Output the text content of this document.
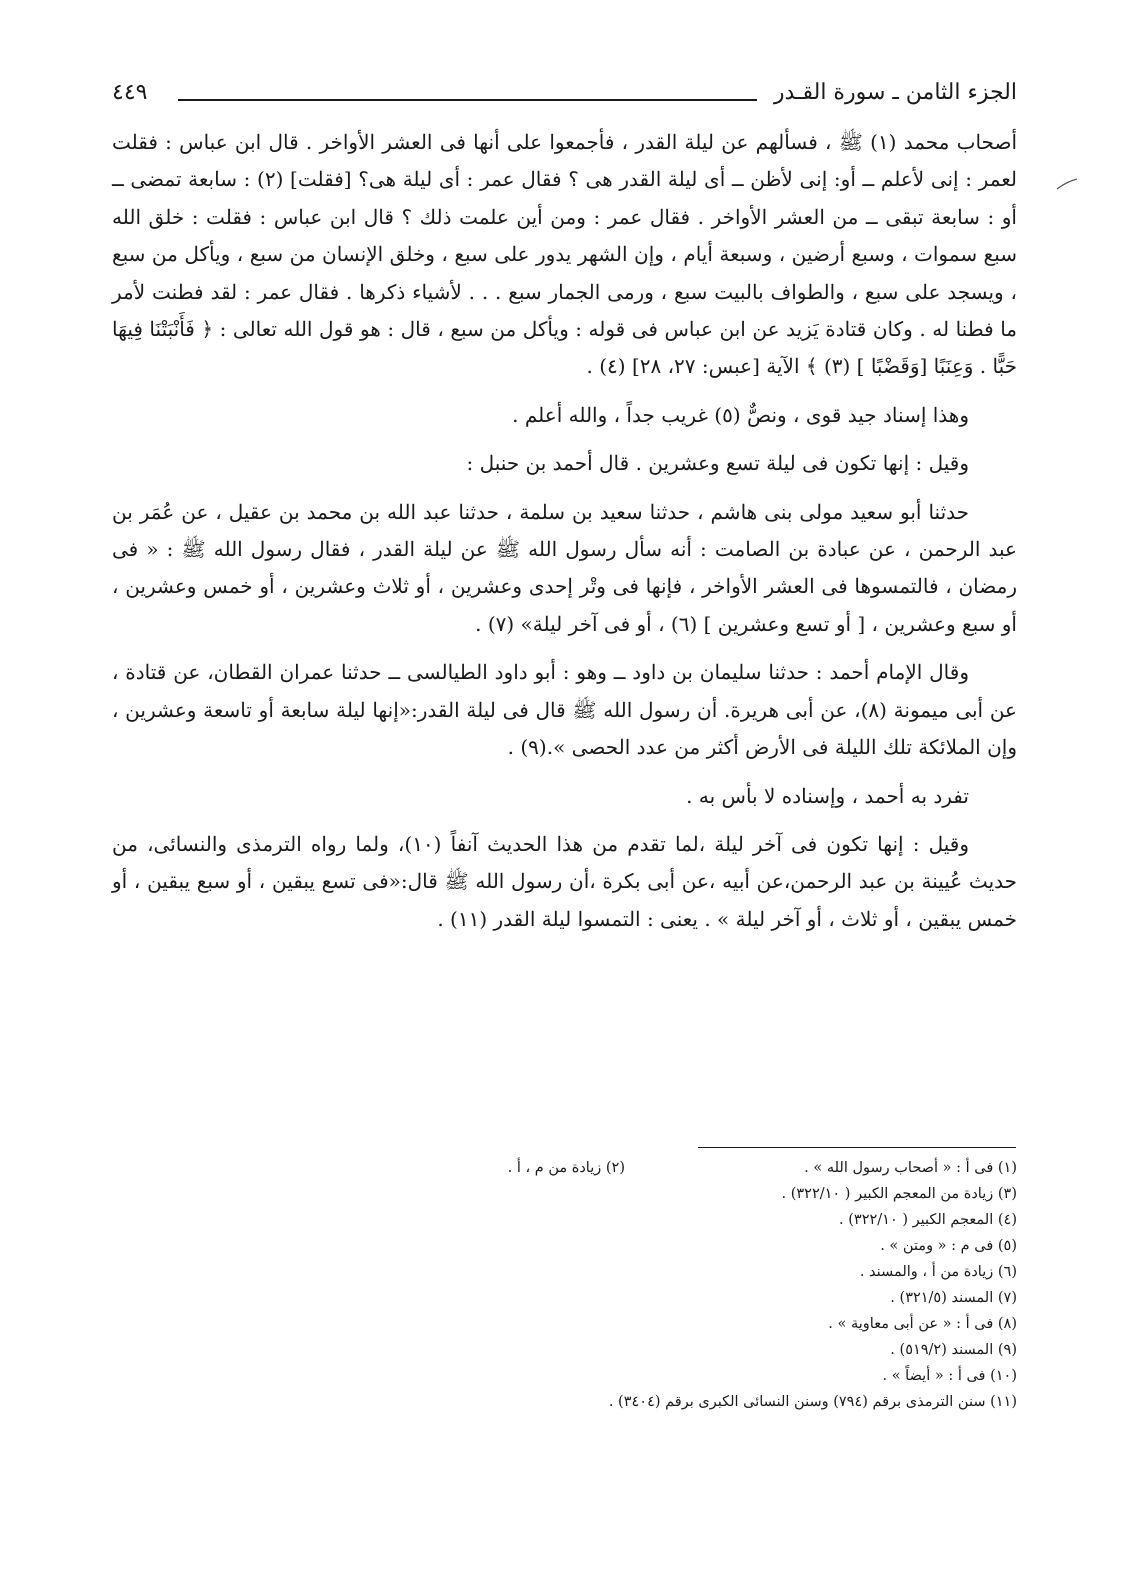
الجزء الثامن ـ سورة القـدر
٤٤٩

أصحاب محمد (١) ﷺ ، فسألهم عن ليلة القدر ، فأجمعوا على أنها فى العشر الأواخر . قال ابن عباس : فقلت لعمر : إنى لأعلم ــ أو: إنى لأظن ــ أى ليلة القدر هى ؟ فقال عمر : أى ليلة هى؟ [فقلت] (٢) : سابعة تمضى ــ أو : سابعة تبقى ــ من العشر الأواخر . فقال عمر : ومن أين علمت ذلك ؟ قال ابن عباس : فقلت : خلق الله سبع سموات ، وسبع أرضين ، وسبعة أيام ، وإن الشهر يدور على سبع ، وخلق الإنسان من سبع ، ويأكل من سبع ، ويسجد على سبع ، والطواف بالبيت سبع ، ورمى الجمار سبع . . . لأشياء ذكرها . فقال عمر : لقد فطنت لأمر ما فطنا له . وكان قتادة يَزيد عن ابن عباس فى قوله : ويأكل من سبع ، قال : هو قول الله تعالى : ﴿ فَأَنْبَتْنَا فِيهَا حَبًّا . وَعِنَبًا [وَقَضْبًا ] (٣) ﴾ الآية [عبس: ٢٧، ٢٨] (٤) .

وهذا إسناد جيد قوى ، ونصٌّ (٥) غريب جداً ، والله أعلم .

وقيل : إنها تكون فى ليلة تسع وعشرين . قال أحمد بن حنبل :

حدثنا أبو سعيد مولى بنى هاشم ، حدثنا سعيد بن سلمة ، حدثنا عبد الله بن محمد بن عقيل ، عن عُمَر بن عبد الرحمن ، عن عبادة بن الصامت : أنه سأل رسول الله ﷺ عن ليلة القدر ، فقال رسول الله ﷺ : « فى رمضان ، فالتمسوها فى العشر الأواخر ، فإنها فى وتْر إحدى وعشرين ، أو ثلاث وعشرين ، أو خمس وعشرين ، أو سبع وعشرين ، [ أو تسع وعشرين ] (٦) ، أو فى آخر ليلة» (٧) .

وقال الإمام أحمد : حدثنا سليمان بن داود ــ وهو : أبو داود الطيالسى ــ حدثنا عمران القطان، عن قتادة ، عن أبى ميمونة (٨)، عن أبى هريرة. أن رسول الله ﷺ قال فى ليلة القدر:«إنها ليلة سابعة أو تاسعة وعشرين ، وإن الملائكة تلك الليلة فى الأرض أكثر من عدد الحصى ».(٩) .

تفرد به أحمد ، وإسناده لا بأس به .

وقيل : إنها تكون فى آخر ليلة ،لما تقدم من هذا الحديث آنفاً (١٠)، ولما رواه الترمذى والنسائى، من حديث عُيينة بن عبد الرحمن،عن أبيه ،عن أبى بكرة ،أن رسول الله ﷺ قال:«فى تسع يبقين ، أو سبع يبقين ، أو خمس يبقين ، أو ثلاث ، أو آخر ليلة » . يعنى : التمسوا ليلة القدر (١١) .

(١) فى أ : « أصحاب رسول الله » .
(٢) زيادة من م ، أ .
(٣) زيادة من المعجم الكبير ( ٣٢٢/١٠) .
(٤) المعجم الكبير ( ٣٢٢/١٠) .
(٥) فى م : « ومتن » .
(٦) زيادة من أ ، والمسند .
(٧) المسند (٣٢١/٥) .
(٨) فى أ : « عن أبى معاوية » .
(٩) المسند (٥١٩/٢) .
(١٠) فى أ : « أيضاً » .
(١١) سنن الترمذى برقم (٧٩٤) وسنن النسائى الكبرى برقم (٣٤٠٤) .
